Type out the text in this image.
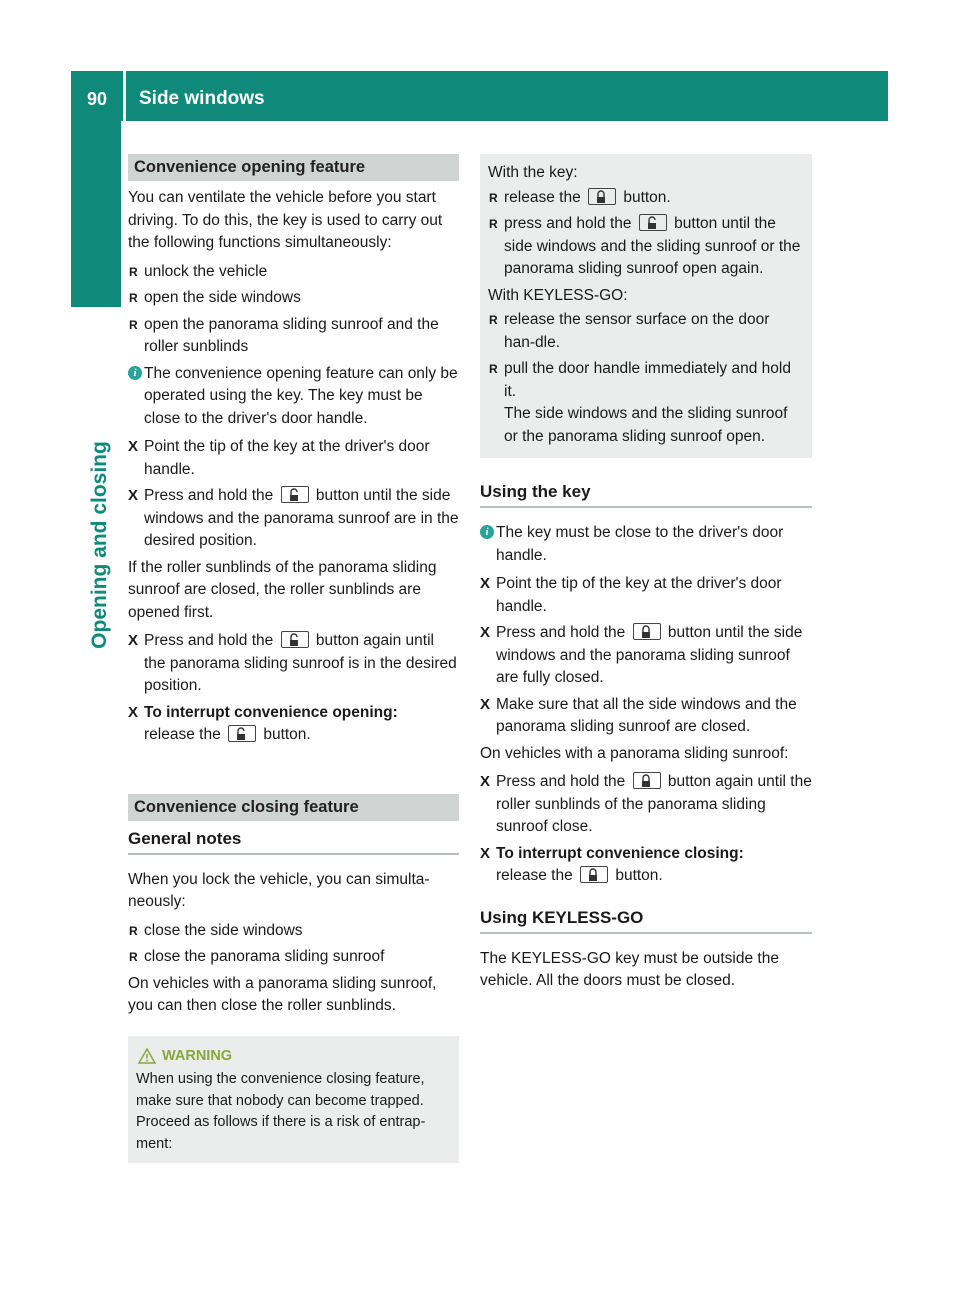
90	Side windows
Opening and closing
Convenience opening feature

You can ventilate the vehicle before you start driving. To do this, the key is used to carry out the following functions simultaneously:

R unlock the vehicle
R open the side windows
R open the panorama sliding sunroof and the roller sunblinds
i The convenience opening feature can only be operated using the key. The key must be close to the driver's door handle.
X Point the tip of the key at the driver's door handle.
X Press and hold the	button until the side windows and the panorama sunroof are in the desired position.

If the roller sunblinds of the panorama sliding sunroof are closed, the roller sunblinds are opened first.

X Press and hold the	button again until the panorama sliding sunroof is in the desired position.
X To interrupt convenience opening:
release the	button.
Convenience closing feature
General notes

When you lock the vehicle, you can simulta-neously:

R close the side windows
R close the panorama sliding sunroof

On vehicles with a panorama sliding sunroof, you can then close the roller sunblinds.

WARNING
When using the convenience closing feature, make sure that nobody can become trapped. Proceed as follows if there is a risk of entrap-ment:

With the key:

R release the	button.
R press and hold the	button until the side windows and the sliding sunroof or the panorama sliding sunroof open again.

With KEYLESS-GO:

R release the sensor surface on the door han-dle.
R pull the door handle immediately and hold it.
The side windows and the sliding sunroof or the panorama sliding sunroof open.
Using the key
i The key must be close to the driver's door handle.
X Point the tip of the key at the driver's door handle.
X Press and hold the	button until the side windows and the panorama sliding sunroof are fully closed.
X Make sure that all the side windows and the panorama sliding sunroof are closed.

On vehicles with a panorama sliding sunroof:

X Press and hold the	button again until the roller sunblinds of the panorama sliding sunroof close.
X To interrupt convenience closing:
release the	button.
Using KEYLESS-GO

The KEYLESS-GO key must be outside the vehicle. All the doors must be closed.
